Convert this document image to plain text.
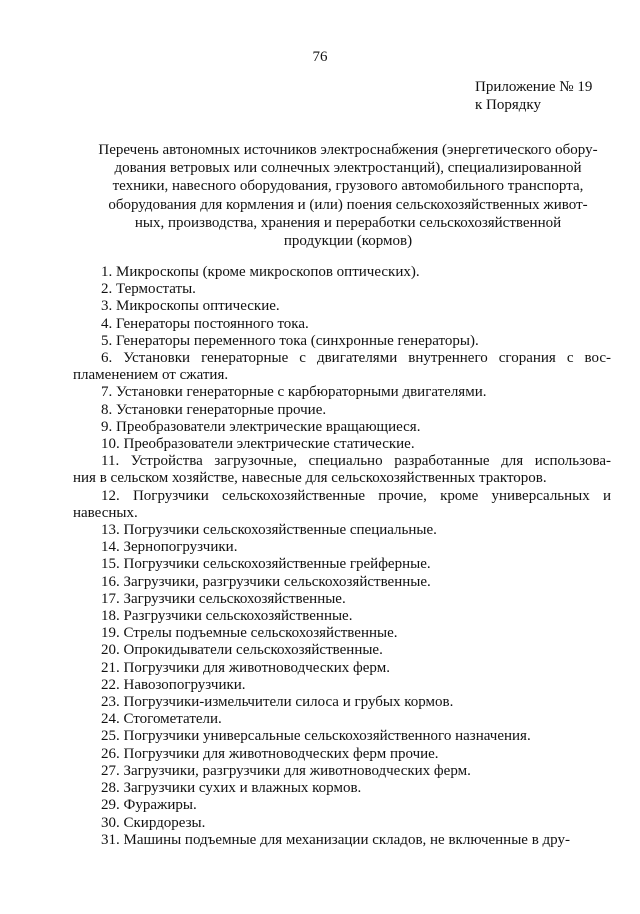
76
Приложение № 19
к Порядку
Перечень автономных источников электроснабжения (энергетического обору-
дования ветровых или солнечных электростанций), специализированной
техники, навесного оборудования, грузового автомобильного транспорта,
оборудования для кормления и (или) поения сельскохозяйственных живот-
ных, производства, хранения и переработки сельскохозяйственной
продукции (кормов)
1. Микроскопы (кроме микроскопов оптических).
2. Термостаты.
3. Микроскопы оптические.
4. Генераторы постоянного тока.
5. Генераторы переменного тока (синхронные генераторы).
6. Установки генераторные с двигателями внутреннего сгорания с вос-
пламенением от сжатия.
7. Установки генераторные с карбюраторными двигателями.
8. Установки генераторные прочие.
9. Преобразователи электрические вращающиеся.
10. Преобразователи электрические статические.
11. Устройства загрузочные, специально разработанные для использова-
ния в сельском хозяйстве, навесные для сельскохозяйственных тракторов.
12. Погрузчики сельскохозяйственные прочие, кроме универсальных и
навесных.
13. Погрузчики сельскохозяйственные специальные.
14. Зернопогрузчики.
15. Погрузчики сельскохозяйственные грейферные.
16. Загрузчики, разгрузчики сельскохозяйственные.
17. Загрузчики сельскохозяйственные.
18. Разгрузчики сельскохозяйственные.
19. Стрелы подъемные сельскохозяйственные.
20. Опрокидыватели сельскохозяйственные.
21. Погрузчики для животноводческих ферм.
22. Навозопогрузчики.
23. Погрузчики-измельчители силоса и грубых кормов.
24. Стогометатели.
25. Погрузчики универсальные сельскохозяйственного назначения.
26. Погрузчики для животноводческих ферм прочие.
27. Загрузчики, разгрузчики для животноводческих ферм.
28. Загрузчики сухих и влажных кормов.
29. Фуражиры.
30. Скирдорезы.
31. Машины подъемные для механизации складов, не включенные в дру-
